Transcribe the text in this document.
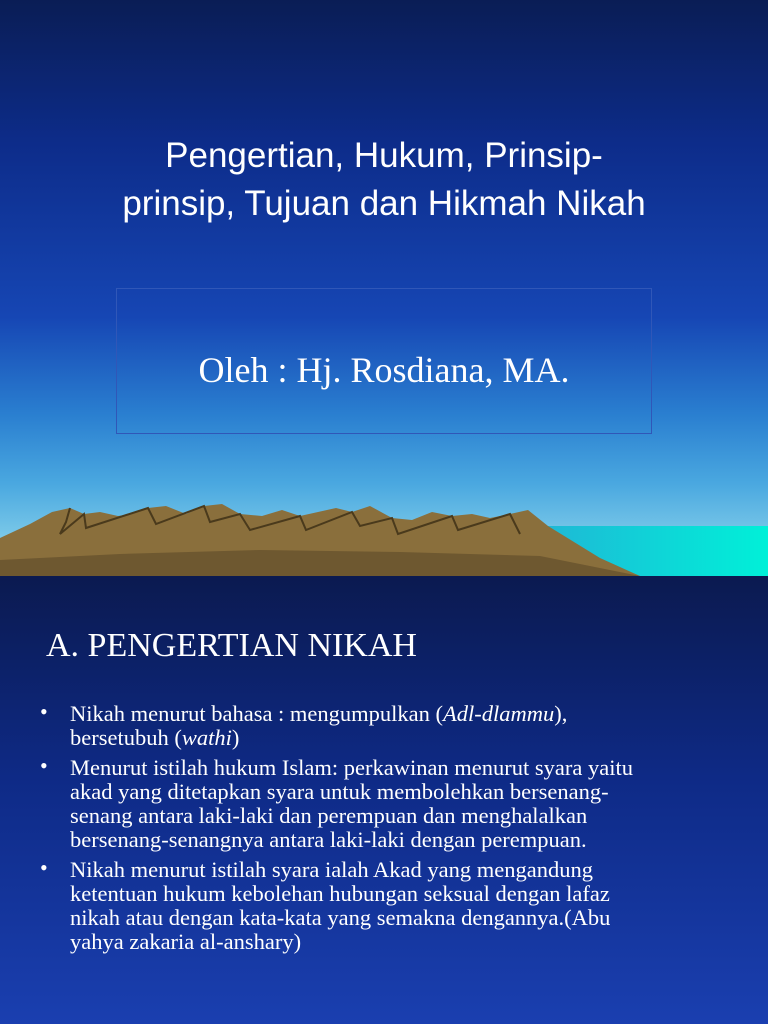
Pengertian, Hukum, Prinsip-
prinsip, Tujuan dan Hikmah Nikah
Oleh : Hj. Rosdiana, MA.
A. PENGERTIAN NIKAH
• Nikah menurut bahasa : mengumpulkan (Adl-dlammu),
bersetubuh (wathi)
• Menurut istilah hukum Islam: perkawinan menurut syara yaitu
akad yang ditetapkan syara untuk membolehkan bersenang-
senang antara laki-laki dan perempuan dan menghalalkan
bersenang-senangnya antara laki-laki dengan perempuan.
• Nikah menurut istilah syara ialah Akad yang mengandung
ketentuan hukum kebolehan hubungan seksual dengan lafaz
nikah atau dengan kata-kata yang semakna dengannya.(Abu
yahya zakaria al-anshary)
